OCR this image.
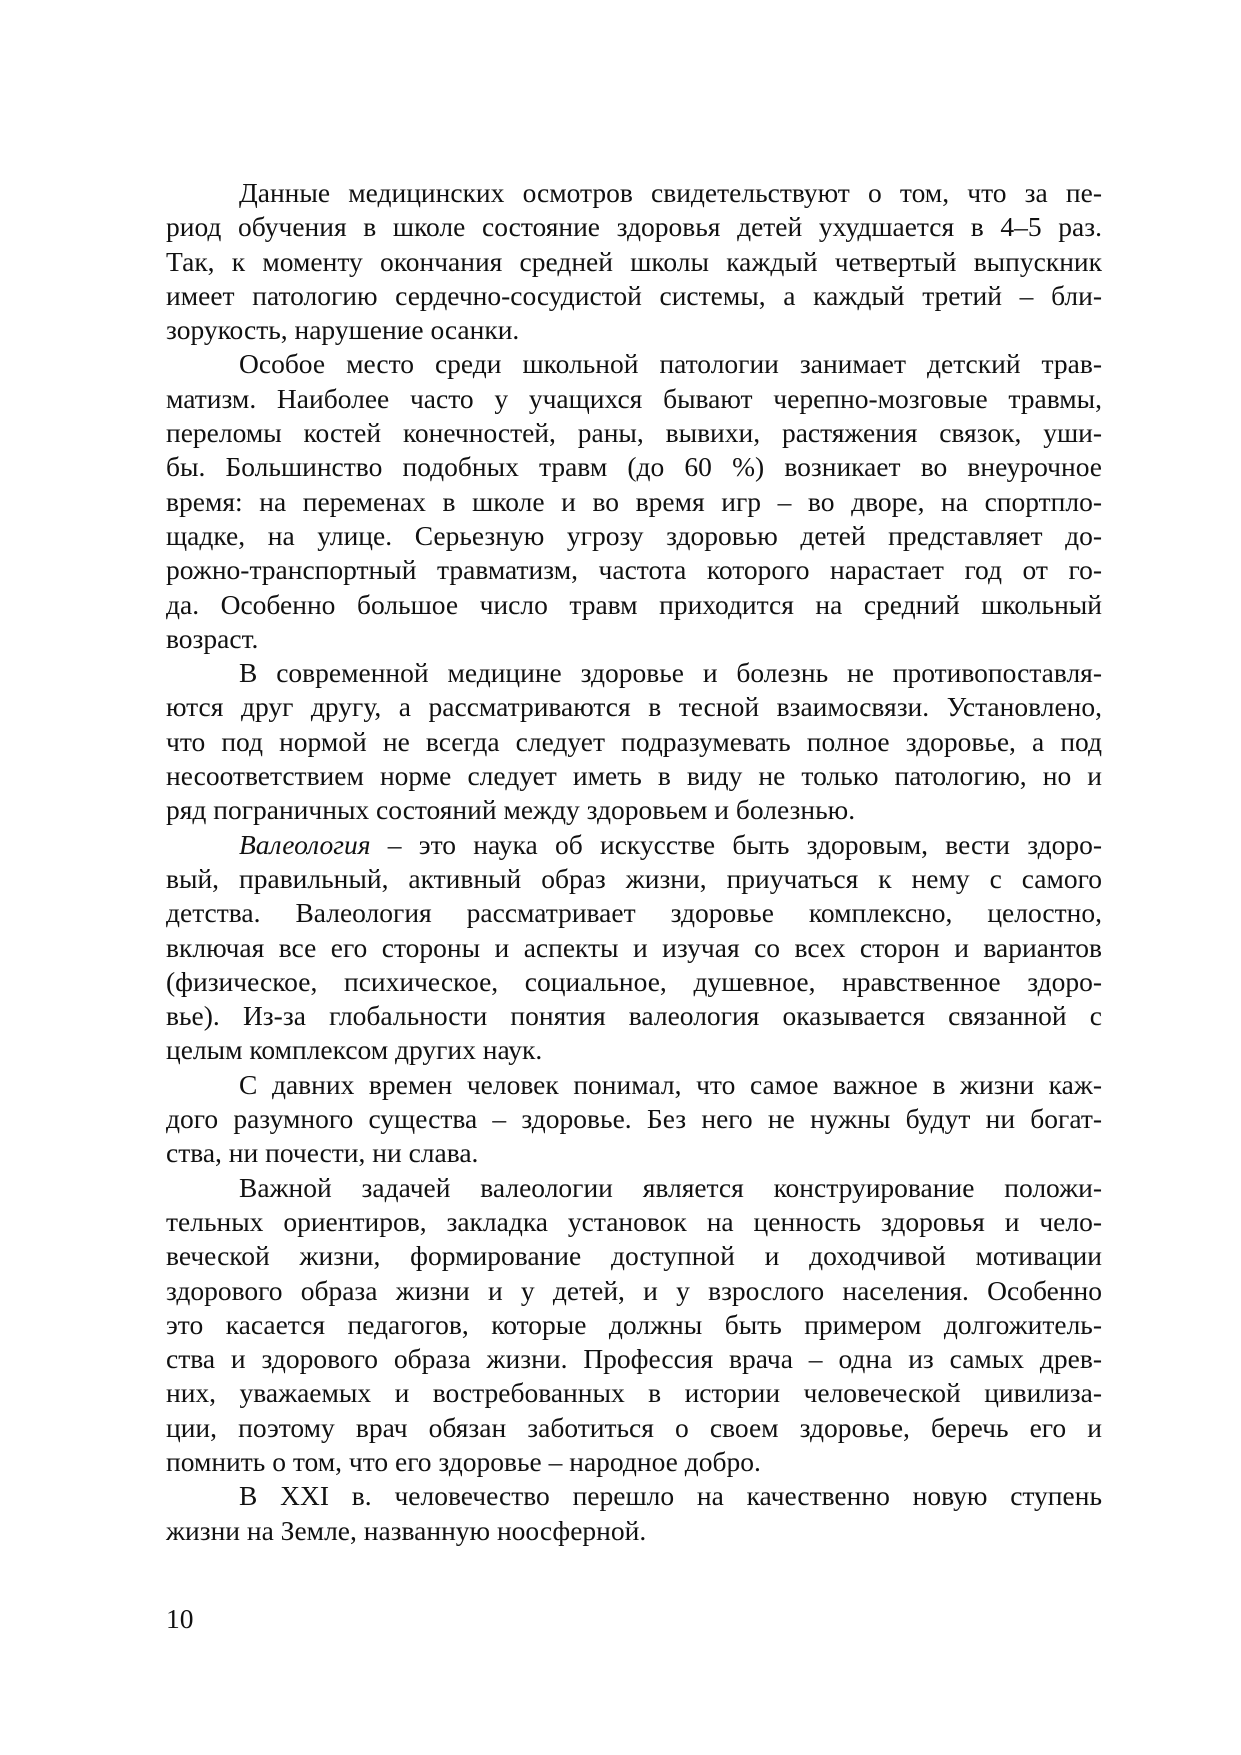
Данные медицинских осмотров свидетельствуют о том, что за пе-
риод обучения в школе состояние здоровья детей ухудшается в 4–5 раз.
Так, к моменту окончания средней школы каждый четвертый выпускник
имеет патологию сердечно-сосудистой системы, а каждый третий – бли-
зорукость, нарушение осанки.
Особое место среди школьной патологии занимает детский трав-
матизм. Наиболее часто у учащихся бывают черепно-мозговые травмы,
переломы костей конечностей, раны, вывихи, растяжения связок, уши-
бы. Большинство подобных травм (до 60 %) возникает во внеурочное
время: на переменах в школе и во время игр – во дворе, на спортпло-
щадке, на улице. Серьезную угрозу здоровью детей представляет до-
рожно-транспортный травматизм, частота которого нарастает год от го-
да. Особенно большое число травм приходится на средний школьный
возраст.
В современной медицине здоровье и болезнь не противопоставля-
ются друг другу, а рассматриваются в тесной взаимосвязи. Установлено,
что под нормой не всегда следует подразумевать полное здоровье, а под
несоответствием норме следует иметь в виду не только патологию, но и
ряд пограничных состояний между здоровьем и болезнью.
Валеология – это наука об искусстве быть здоровым, вести здоро-
вый, правильный, активный образ жизни, приучаться к нему с самого
детства. Валеология рассматривает здоровье комплексно, целостно,
включая все его стороны и аспекты и изучая со всех сторон и вариантов
(физическое, психическое, социальное, душевное, нравственное здоро-
вье). Из-за глобальности понятия валеология оказывается связанной с
целым комплексом других наук.
С давних времен человек понимал, что самое важное в жизни каж-
дого разумного существа – здоровье. Без него не нужны будут ни богат-
ства, ни почести, ни слава.
Важной задачей валеологии является конструирование положи-
тельных ориентиров, закладка установок на ценность здоровья и чело-
веческой жизни, формирование доступной и доходчивой мотивации
здорового образа жизни и у детей, и у взрослого населения. Особенно
это касается педагогов, которые должны быть примером долгожитель-
ства и здорового образа жизни. Профессия врача – одна из самых древ-
них, уважаемых и востребованных в истории человеческой цивилиза-
ции, поэтому врач обязан заботиться о своем здоровье, беречь его и
помнить о том, что его здоровье – народное добро.
В XXI в. человечество перешло на качественно новую ступень
жизни на Земле, названную ноосферной.
10
